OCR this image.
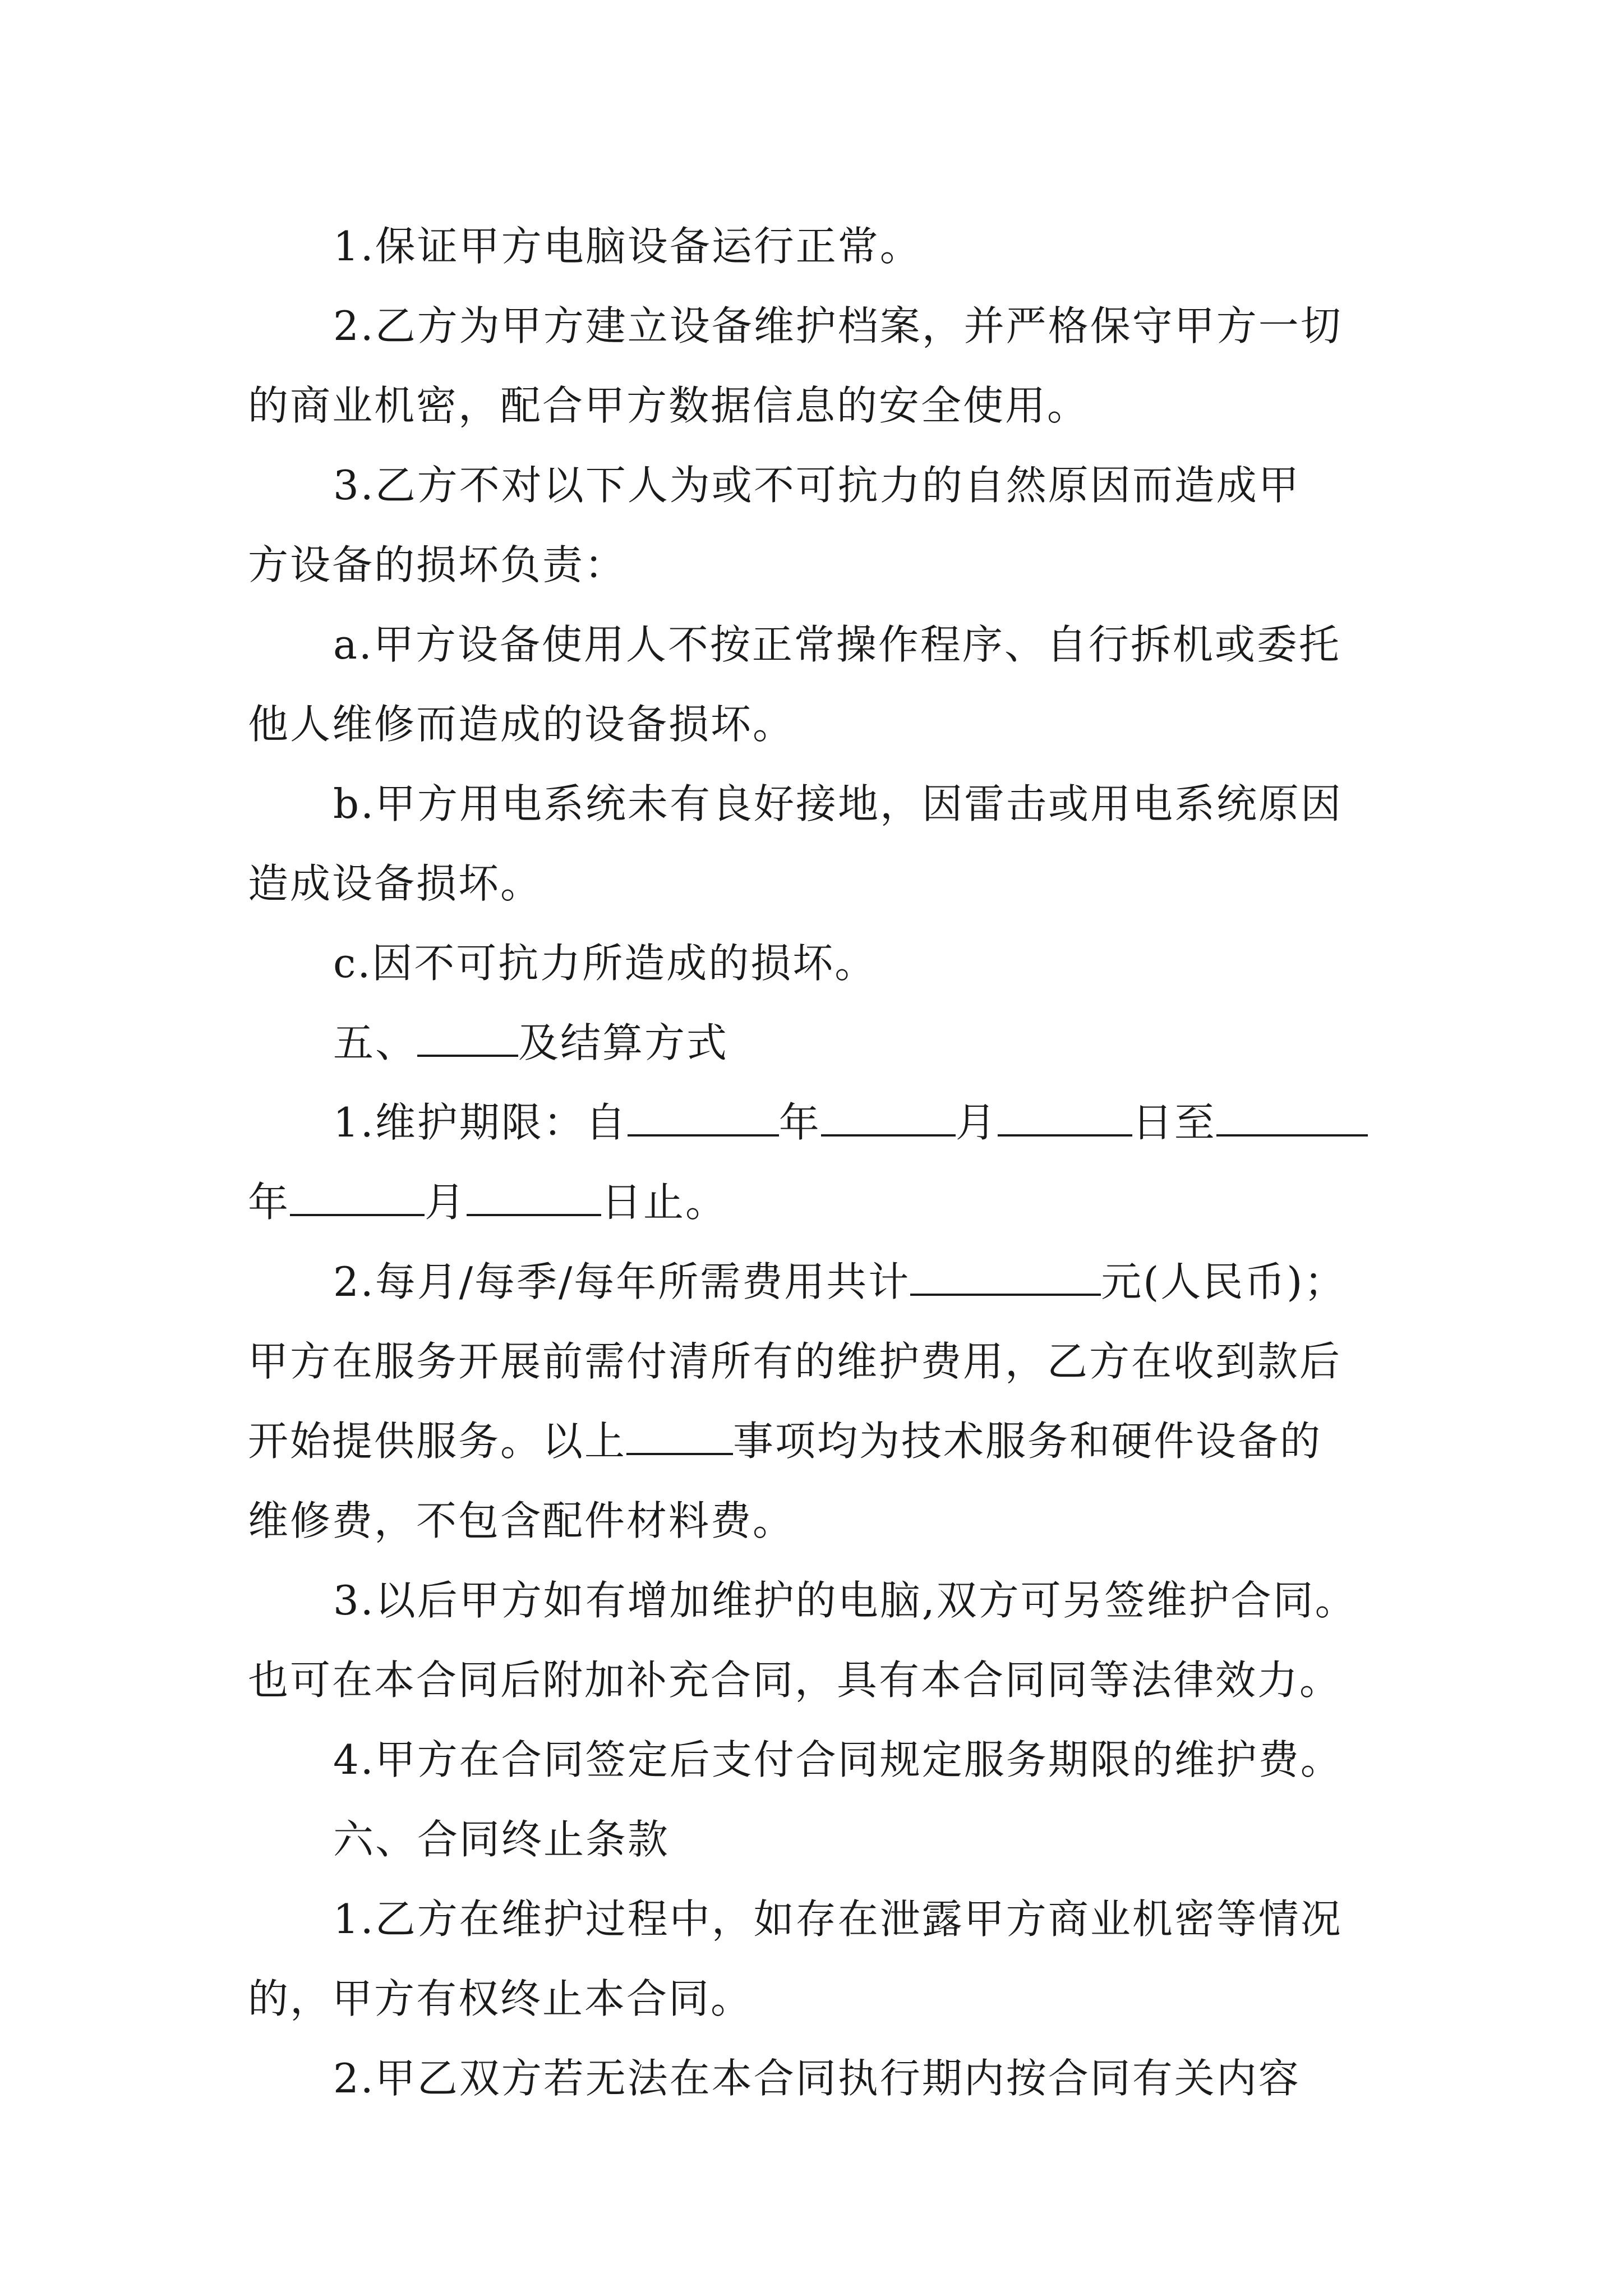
1.保证甲方电脑设备运行正常。
2.乙方为甲方建立设备维护档案，并严格保守甲方一切
的商业机密，配合甲方数据信息的安全使用。
3.乙方不对以下人为或不可抗力的自然原因而造成甲
方设备的损坏负责：
a.甲方设备使用人不按正常操作程序、自行拆机或委托
他人维修而造成的设备损坏。
b.甲方用电系统未有良好接地，因雷击或用电系统原因
造成设备损坏。
c.因不可抗力所造成的损坏。
五、	及结算方式
1.维护期限：自	年	月	日至
年	月	日止。
2.每月/每季/每年所需费用共计	元(人民币)；
甲方在服务开展前需付清所有的维护费用，乙方在收到款后
开始提供服务。以上	事项均为技术服务和硬件设备的
维修费，不包含配件材料费。
3.以后甲方如有增加维护的电脑,双方可另签维护合同。
也可在本合同后附加补充合同，具有本合同同等法律效力。
4.甲方在合同签定后支付合同规定服务期限的维护费。
六、合同终止条款
1.乙方在维护过程中，如存在泄露甲方商业机密等情况
的，甲方有权终止本合同。
2.甲乙双方若无法在本合同执行期内按合同有关内容
